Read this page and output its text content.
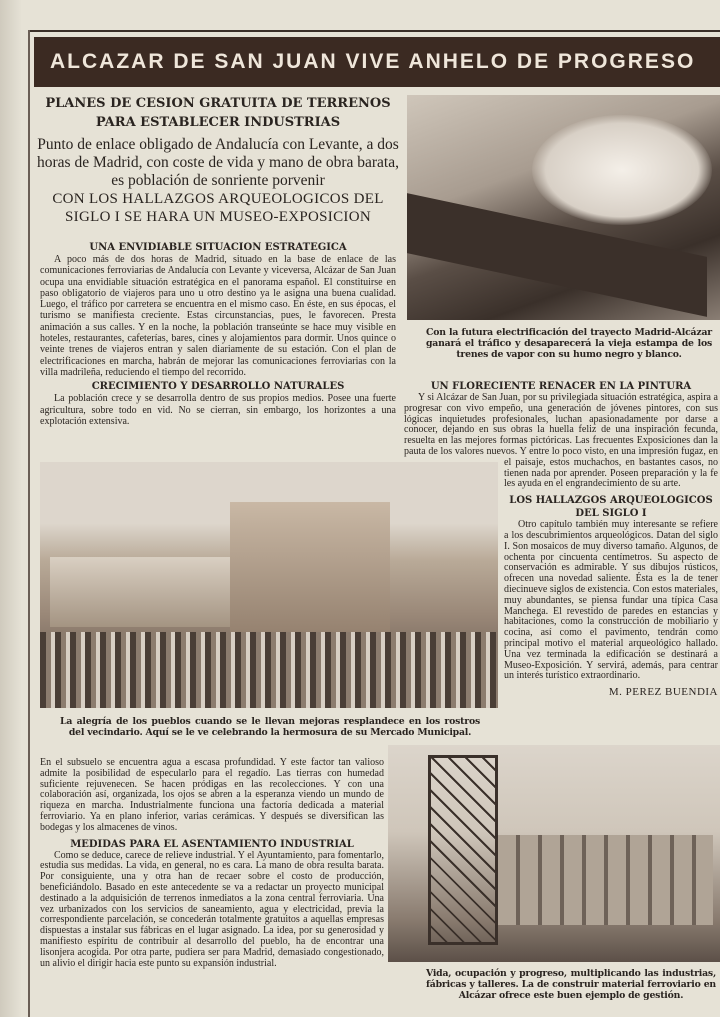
ALCAZAR DE SAN JUAN VIVE ANHELO DE PROGRESO
PLANES DE CESION GRATUITA DE TERRENOS PARA ESTABLECER INDUSTRIAS
Punto de enlace obligado de Andalucía con Levante, a dos horas de Madrid, con coste de vida y mano de obra barata, es población de sonriente porvenir
CON LOS HALLAZGOS ARQUEOLOGICOS DEL SIGLO I SE HARA UN MUSEO-EXPOSICION
UNA ENVIDIABLE SITUACION ESTRATEGICA
A poco más de dos horas de Madrid, situado en la base de enlace de las comunicaciones ferroviarias de Andalucía con Levante y viceversa, Alcázar de San Juan ocupa una envidiable situación estratégica en el panorama español. El constituirse en paso obligatorio de viajeros para uno u otro destino ya le asigna una buena cualidad. Luego, el tráfico por carretera se encuentra en el mismo caso. En éste, en sus épocas, el turismo se manifiesta creciente. Estas circunstancias, pues, le favorecen. Presta animación a sus calles. Y en la noche, la población transeúnte se hace muy visible en hoteles, restaurantes, cafeterías, bares, cines y alojamientos para dormir. Unos quince o veinte trenes de viajeros entran y salen diariamente de su estación. Con el plan de electrificaciones en marcha, habrán de mejorar las comunicaciones ferroviarias con la villa madrileña, reduciendo el tiempo del recorrido.
CRECIMIENTO Y DESARROLLO NATURALES
La población crece y se desarrolla dentro de sus propios medios. Posee una fuerte agricultura, sobre todo en vid. No se cierran, sin embargo, los horizontes a una explotación extensiva.
Con la futura electrificación del trayecto Madrid-Alcázar ganará el tráfico y desaparecerá la vieja estampa de los trenes de vapor con su humo negro y blanco.
UN FLORECIENTE RENACER EN LA PINTURA
Y si Alcázar de San Juan, por su privilegiada situación estratégica, aspira a progresar con vivo empeño, una generación de jóvenes pintores, con sus lógicas inquietudes profesionales, luchan apasionadamente por darse a conocer, dejando en sus obras la huella feliz de una inspiración fecunda, resuelta en las mejores formas pictóricas. Las frecuentes Exposiciones dan la pauta de los valores nuevos. Y entre lo poco visto, en una impresión fugaz, en el paisaje, estos muchachos, en bastantes casos, no tienen nada por aprender. Poseen preparación y la fe les ayuda en el engrandecimiento de su arte.
LOS HALLAZGOS ARQUEOLOGICOS DEL SIGLO I
Otro capítulo también muy interesante se refiere a los descubrimientos arqueológicos. Datan del siglo I. Son mosaicos de muy diverso tamaño. Algunos, de ochenta por cincuenta centímetros. Su aspecto de conservación es admirable. Y sus dibujos rústicos, ofrecen una novedad saliente. Ésta es la de tener diecinueve siglos de existencia. Con estos materiales, muy abundantes, se piensa fundar una típica Casa Manchega. El revestido de paredes en estancias y habitaciones, como la construcción de mobiliario y cocina, así como el pavimento, tendrán como principal motivo el material arqueológico hallado. Una vez terminada la edificación se destinará a Museo-Exposición. Y servirá, además, para centrar un interés turístico extraordinario.
M. PEREZ BUENDIA
La alegría de los pueblos cuando se le llevan mejoras resplandece en los rostros del vecindario. Aquí se le ve celebrando la hermosura de su Mercado Municipal.
En el subsuelo se encuentra agua a escasa profundidad. Y este factor tan valioso admite la posibilidad de especularlo para el regadío. Las tierras con humedad suficiente rejuvenecen. Se hacen pródigas en las recolecciones. Y con una colaboración así, organizada, los ojos se abren a la esperanza viendo un mundo de riqueza en marcha. Industrialmente funciona una factoría dedicada a material ferroviario. Ya en plano inferior, varias cerámicas. Y después se diversifican las bodegas y los almacenes de vinos.
MEDIDAS PARA EL ASENTAMIENTO INDUSTRIAL
Como se deduce, carece de relieve industrial. Y el Ayuntamiento, para fomentarlo, estudia sus medidas. La vida, en general, no es cara. La mano de obra resulta barata. Por consiguiente, una y otra han de recaer sobre el costo de producción, beneficiándolo. Basado en este antecedente se va a redactar un proyecto municipal destinado a la adquisición de terrenos inmediatos a la zona central ferroviaria. Una vez urbanizados con los servicios de saneamiento, agua y electricidad, previa la correspondiente parcelación, se concederán totalmente gratuitos a aquellas empresas dispuestas a instalar sus fábricas en el lugar asignado. La idea, por su generosidad y manifiesto espíritu de contribuir al desarrollo del pueblo, ha de encontrar una lisonjera acogida. Por otra parte, pudiera ser para Madrid, demasiado congestionado, un alivio el dirigir hacia este punto su expansión industrial.
Vida, ocupación y progreso, multiplicando las industrias, fábricas y talleres. La de construir material ferroviario en Alcázar ofrece este buen ejemplo de gestión.
